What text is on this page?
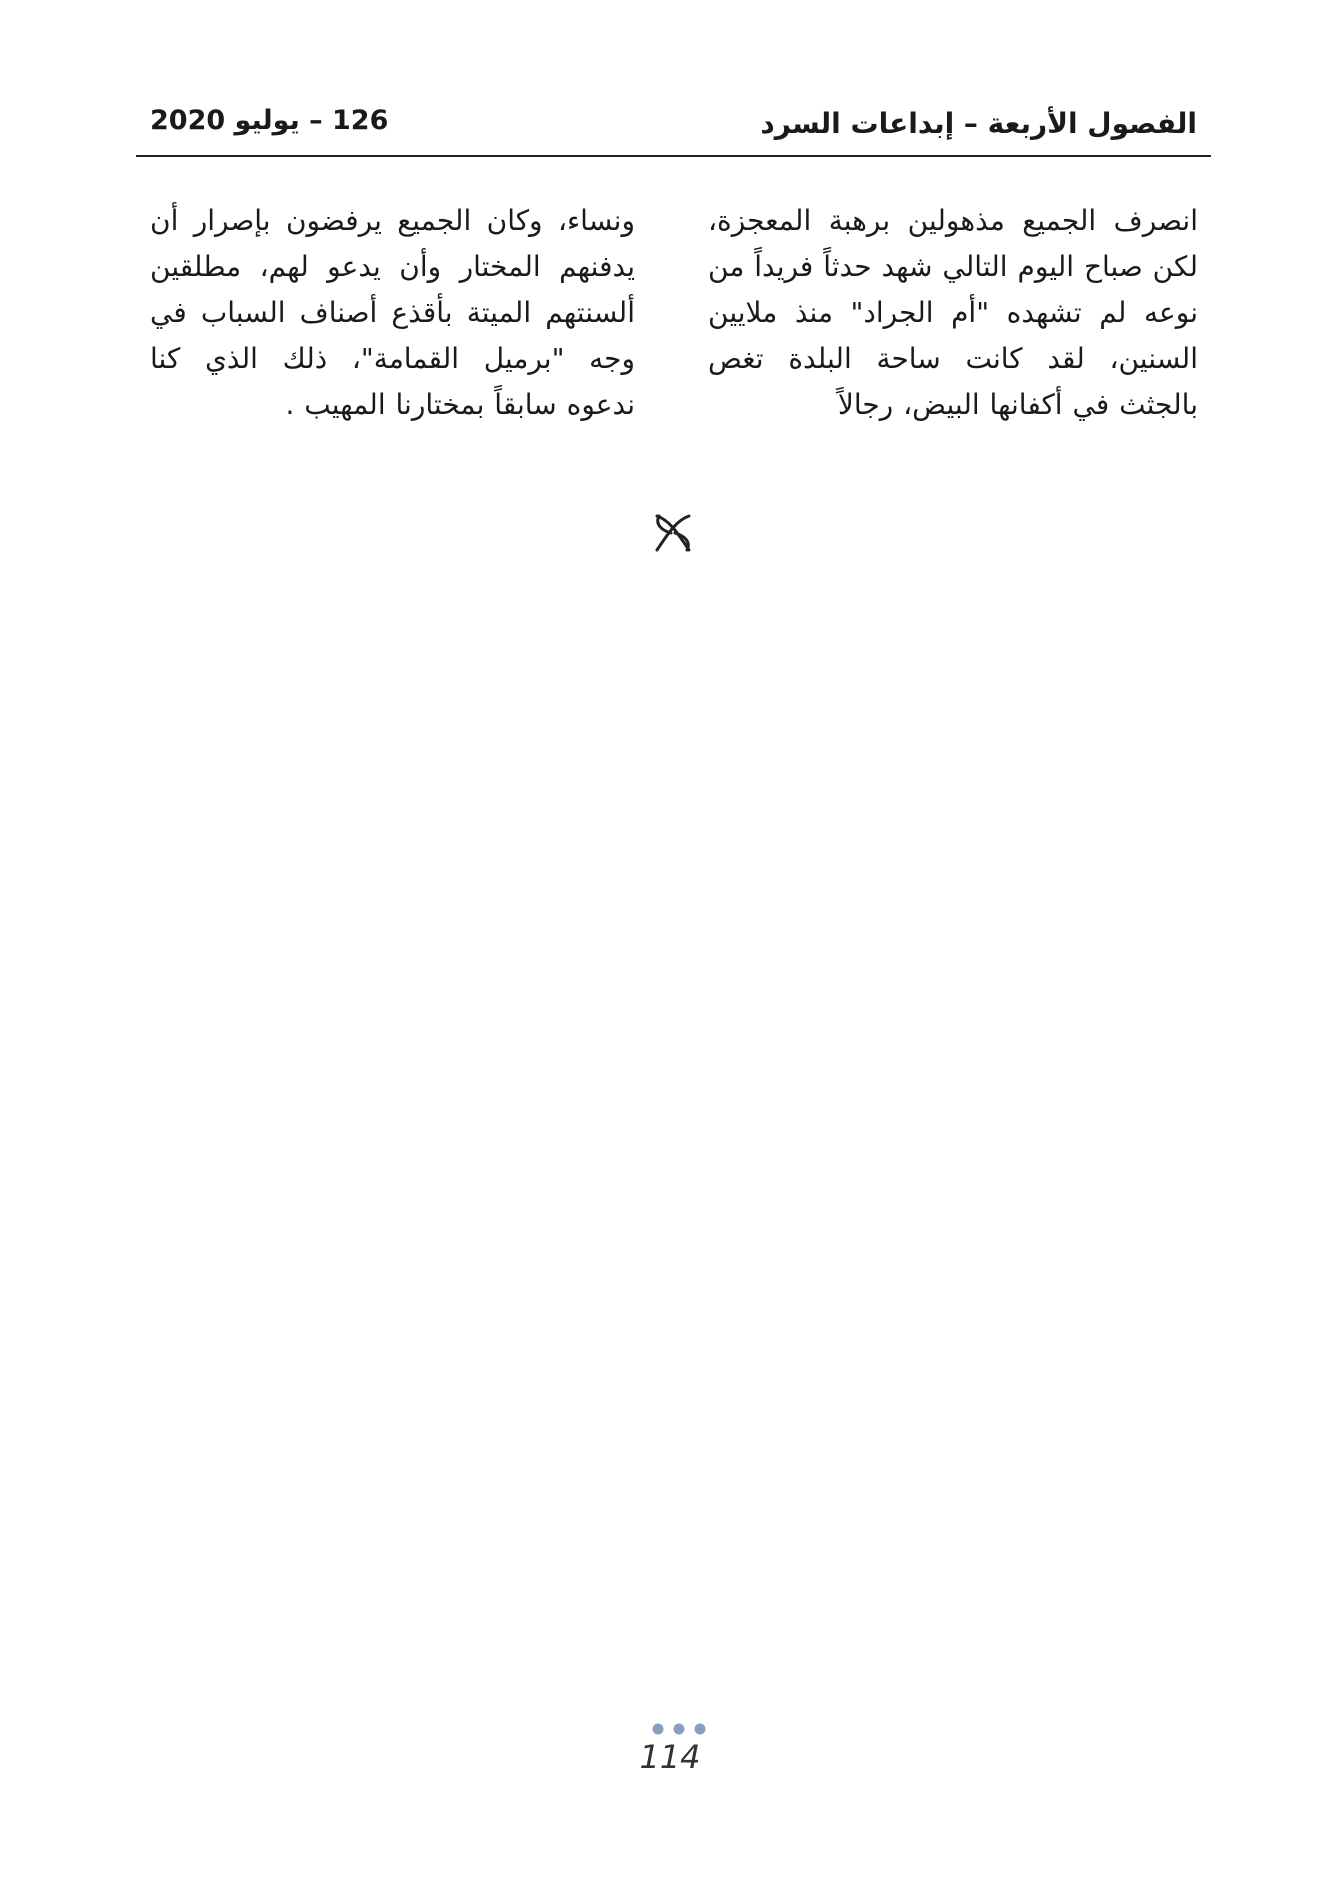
126 – يوليو 2020	الفصول الأربعة – إبداعات السرد
انصرف الجميع مذهولين برهبة المعجزة، لكن صباح اليوم التالي شهد حدثاً فريداً من نوعه لم تشهده "أم الجراد" منذ ملايين السنين، لقد كانت ساحة البلدة تغص بالجثث في أكفانها البيض، رجالاً
ونساء، وكان الجميع يرفضون بإصرار أن يدفنهم المختار وأن يدعو لهم، مطلقين ألسنتهم الميتة بأقذع أصناف السباب في وجه "برميل القمامة"، ذلك الذي كنا ندعوه سابقاً بمختارنا المهيب .
114
